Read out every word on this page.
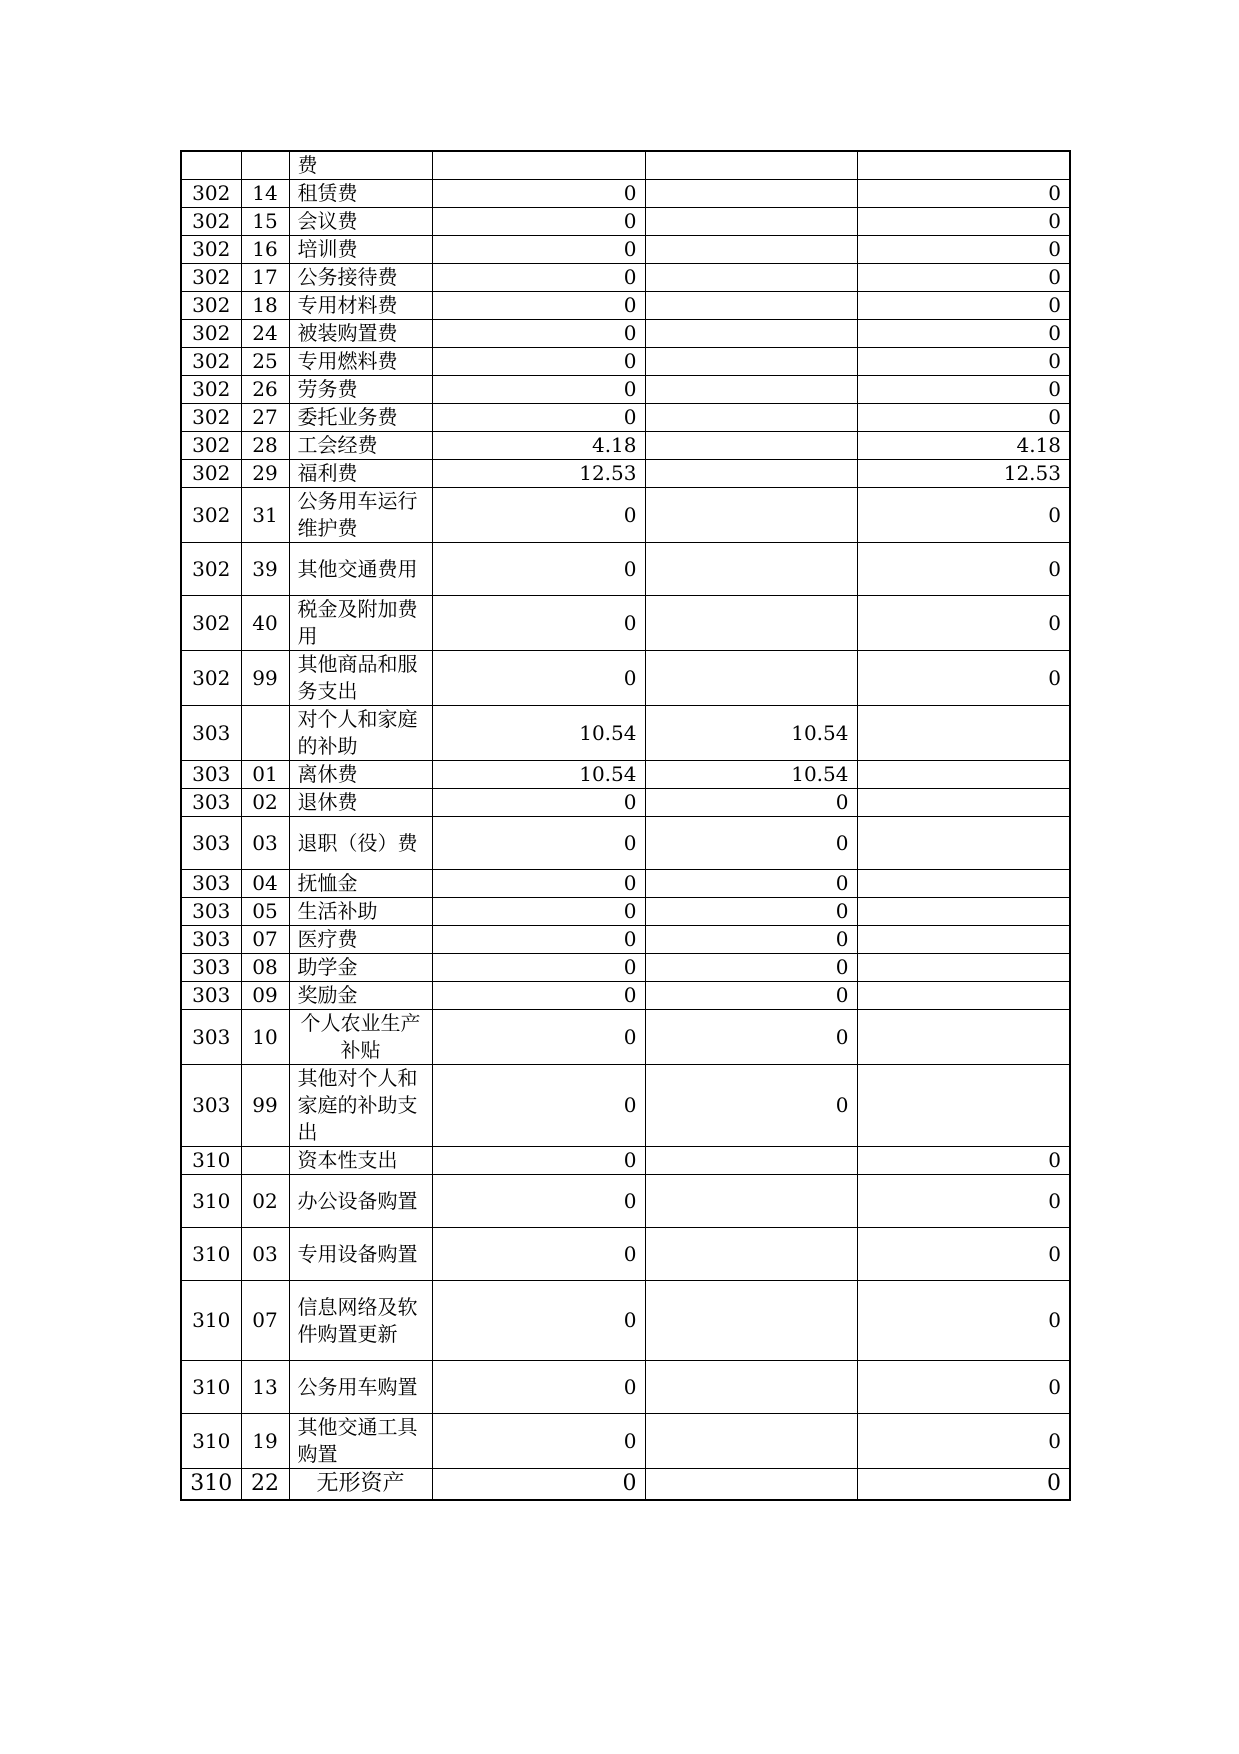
		费			
302	14	租赁费	0		0
302	15	会议费	0		0
302	16	培训费	0		0
302	17	公务接待费	0		0
302	18	专用材料费	0		0
302	24	被装购置费	0		0
302	25	专用燃料费	0		0
302	26	劳务费	0		0
302	27	委托业务费	0		0
302	28	工会经费	4.18		4.18
302	29	福利费	12.53		12.53
302	31	公务用车运行维护费	0		0
302	39	其他交通费用	0		0
302	40	税金及附加费用	0		0
302	99	其他商品和服务支出	0		0
303		对个人和家庭的补助	10.54	10.54	
303	01	离休费	10.54	10.54	
303	02	退休费	0	0	
303	03	退职（役）费	0	0	
303	04	抚恤金	0	0	
303	05	生活补助	0	0	
303	07	医疗费	0	0	
303	08	助学金	0	0	
303	09	奖励金	0	0	
303	10	个人农业生产补贴	0	0	
303	99	其他对个人和家庭的补助支出	0	0	
310		资本性支出	0		0
310	02	办公设备购置	0		0
310	03	专用设备购置	0		0
310	07	信息网络及软件购置更新	0		0
310	13	公务用车购置	0		0
310	19	其他交通工具购置	0		0
310	22	无形资产	0		0
